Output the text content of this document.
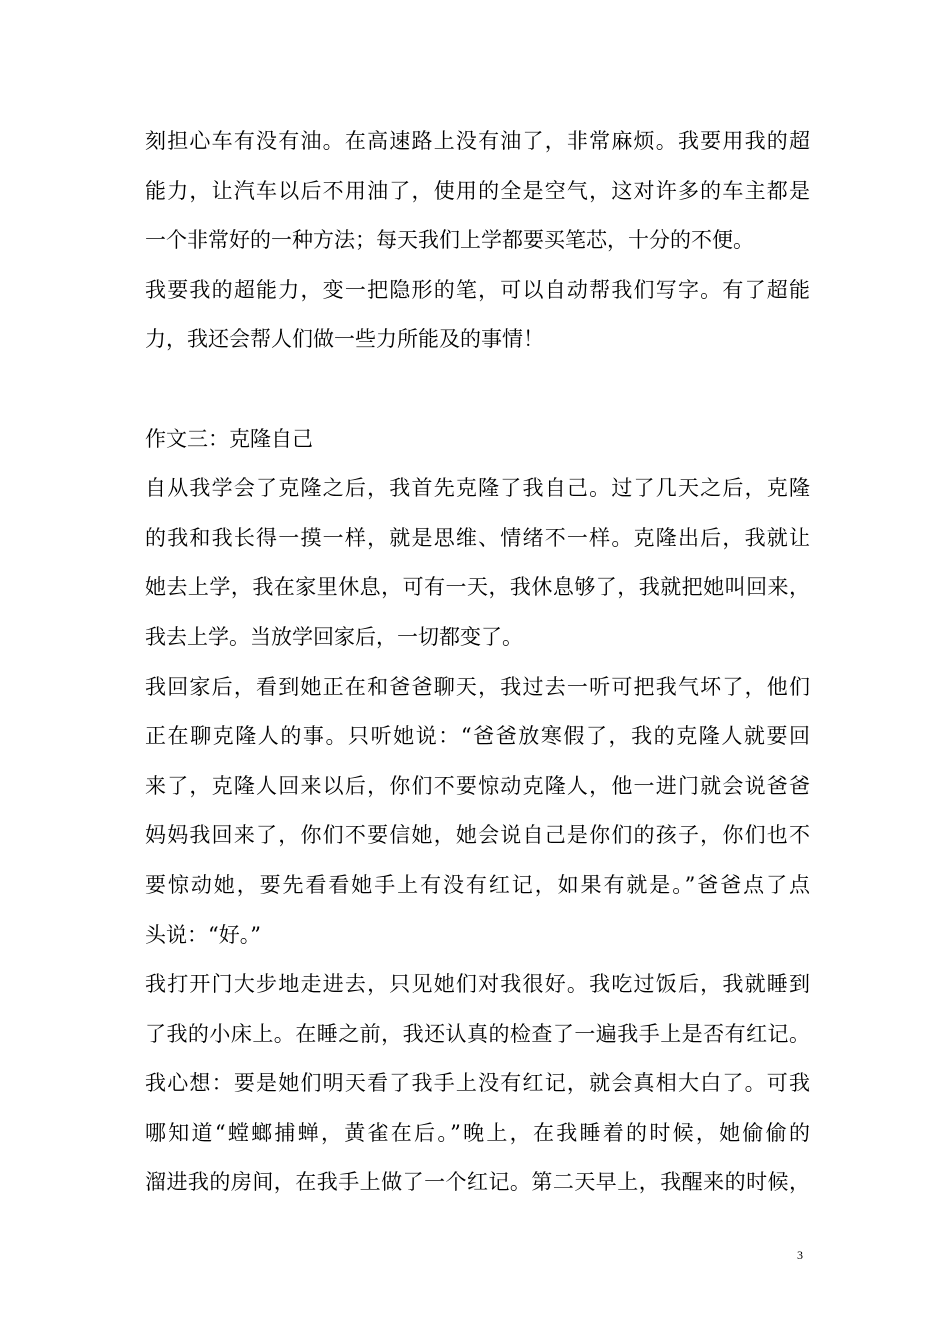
刻担心车有没有油。在高速路上没有油了，非常麻烦。我要用我的超
能力，让汽车以后不用油了，使用的全是空气，这对许多的车主都是
一个非常好的一种方法；每天我们上学都要买笔芯，十分的不便。
我要我的超能力，变一把隐形的笔，可以自动帮我们写字。有了超能
力，我还会帮人们做一些力所能及的事情！
作文三：克隆自己
自从我学会了克隆之后，我首先克隆了我自己。过了几天之后，克隆
的我和我长得一摸一样，就是思维、情绪不一样。克隆出后，我就让
她去上学，我在家里休息，可有一天，我休息够了，我就把她叫回来，
我去上学。当放学回家后，一切都变了。
我回家后，看到她正在和爸爸聊天，我过去一听可把我气坏了，他们
正在聊克隆人的事。只听她说：“爸爸放寒假了，我的克隆人就要回
来了，克隆人回来以后，你们不要惊动克隆人，他一进门就会说爸爸
妈妈我回来了，你们不要信她，她会说自己是你们的孩子，你们也不
要惊动她，要先看看她手上有没有红记，如果有就是。”爸爸点了点
头说：“好。”
我打开门大步地走进去，只见她们对我很好。我吃过饭后，我就睡到
了我的小床上。在睡之前，我还认真的检查了一遍我手上是否有红记。
我心想：要是她们明天看了我手上没有红记，就会真相大白了。可我
哪知道“螳螂捕蝉，黄雀在后。”晚上，在我睡着的时候，她偷偷的
溜进我的房间，在我手上做了一个红记。第二天早上，我醒来的时候，
3
